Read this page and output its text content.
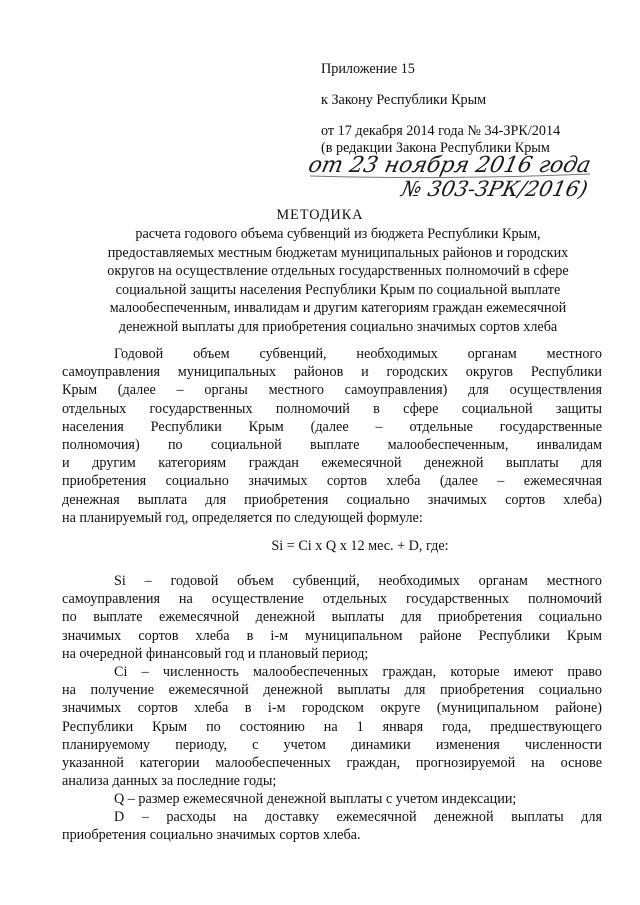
Приложение 15

к Закону Республики Крым

от 17 декабря 2014 года № 34-ЗРК/2014

(в редакции Закона Республики Крым

от 23 ноября 2016 года
№ 303-ЗРК/2016)

МЕТОДИКА

расчета годового объема субвенций из бюджета Республики Крым,
предоставляемых местным бюджетам муниципальных районов и городских
округов на осуществление отдельных государственных полномочий в сфере
социальной защиты населения Республики Крым по социальной выплате
малообеспеченным, инвалидам и другим категориям граждан ежемесячной
денежной выплаты для приобретения социально значимых сортов хлеба
Годовой объем субвенций, необходимых органам местного
самоуправления муниципальных районов и городских округов Республики
Крым (далее – органы местного самоуправления) для осуществления
отдельных государственных полномочий в сфере социальной защиты
населения Республики Крым (далее – отдельные государственные
полномочия) по социальной выплате малообеспеченным, инвалидам
и другим категориям граждан ежемесячной денежной выплаты для
приобретения социально значимых сортов хлеба (далее – ежемесячная
денежная выплата для приобретения социально значимых сортов хлеба)
на планируемый год, определяется по следующей формуле:

Si = Ci x Q x 12 мес. + D, где:

Si – годовой объем субвенций, необходимых органам местного
самоуправления на осуществление отдельных государственных полномочий
по выплате ежемесячной денежной выплаты для приобретения социально
значимых сортов хлеба в i-м муниципальном районе Республики Крым
на очередной финансовый год и плановый период;
Ci – численность малообеспеченных граждан, которые имеют право
на получение ежемесячной денежной выплаты для приобретения социально
значимых сортов хлеба в i-м городском округе (муниципальном районе)
Республики Крым по состоянию на 1 января года, предшествующего
планируемому периоду, с учетом динамики изменения численности
указанной категории малообеспеченных граждан, прогнозируемой на основе
анализа данных за последние годы;
Q – размер ежемесячной денежной выплаты с учетом индексации;
D – расходы на доставку ежемесячной денежной выплаты для
приобретения социально значимых сортов хлеба.
